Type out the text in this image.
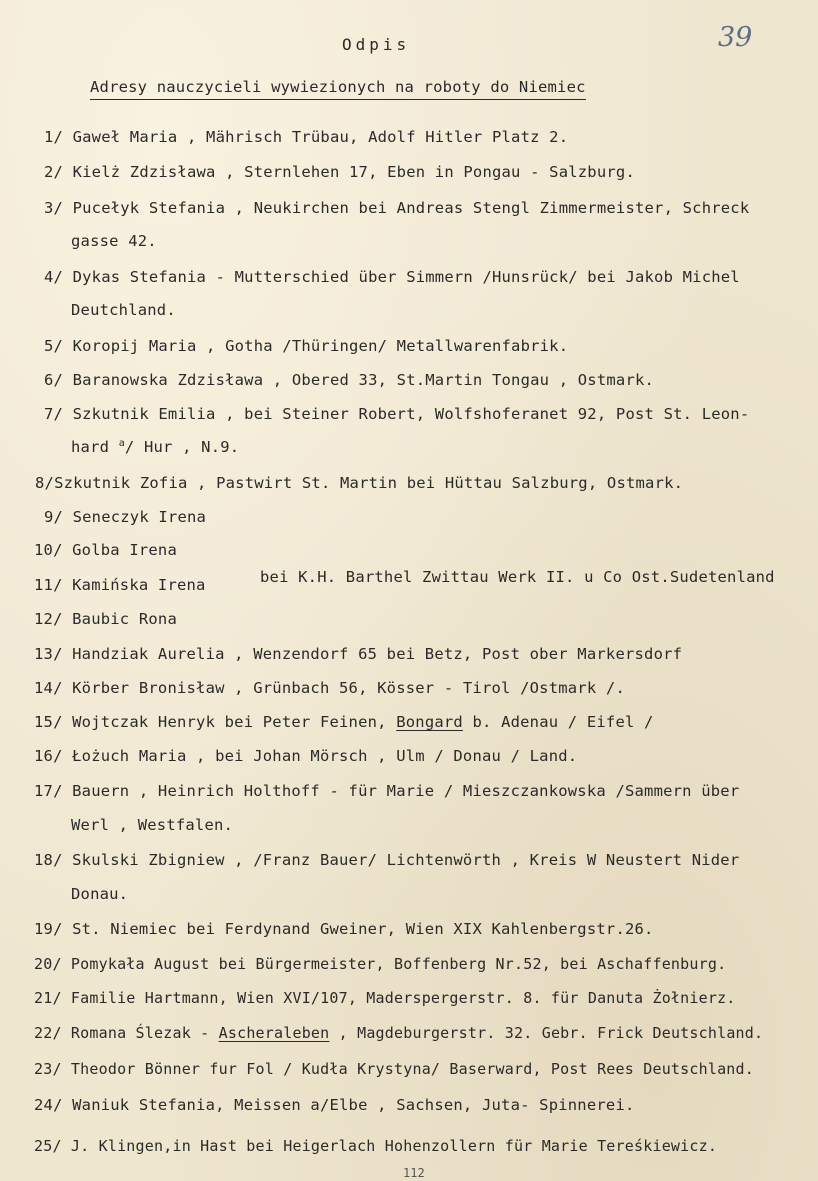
39
Odpis
Adresy nauczycieli wywiezionych na roboty do Niemiec
1/ Gaweł Maria , Mährisch Trübau, Adolf Hitler Platz 2.
2/ Kielż Zdzisława , Sternlehen 17, Eben in Pongau - Salzburg.
3/ Pucełyk Stefania , Neukirchen bei Andreas Stengl Zimmermeister, Schreck
gasse 42.
4/ Dykas Stefania - Mutterschied über Simmern /Hunsrück/ bei Jakob Michel
Deutchland.
5/ Koropij Maria , Gotha /Thüringen/ Metallwarenfabrik.
6/ Baranowska Zdzisława , Obered 33, St.Martin Tongau , Ostmark.
7/ Szkutnik Emilia , bei Steiner Robert, Wolfshoferanet 92, Post St. Leon-
hard $^a$/ Hur , N.9.
8/Szkutnik Zofia , Pastwirt St. Martin bei Hüttau Salzburg, Ostmark.
9/ Seneczyk Irena
10/ Golba Irena
11/ Kamińska Irena	bei K.H. Barthel Zwittau Werk II. u Co Ost.Sudetenland
12/ Baubic Rona
13/ Handziak Aurelia , Wenzendorf 65 bei Betz, Post ober Markersdorf
14/ Körber Bronisław , Grünbach 56, Kösser - Tirol /Ostmark /.
15/ Wojtczak Henryk bei Peter Feinen, Bongard b. Adenau / Eifel /
16/ Łożuch Maria , bei Johan Mörsch , Ulm / Donau / Land.
17/ Bauern , Heinrich Holthoff - für Marie / Mieszczankowska /Sammern über
Werl , Westfalen.
18/ Skulski Zbigniew , /Franz Bauer/ Lichtenwörth , Kreis W Neustert Nider
Donau.
19/ St. Niemiec bei Ferdynand Gweiner, Wien XIX Kahlenbergstr.26.
20/ Pomykała August bei Bürgermeister, Boffenberg Nr.52, bei Aschaffenburg.
21/ Familie Hartmann, Wien XVI/107, Maderspergerstr. 8. für Danuta Żołnierz.
22/ Romana Ślezak - Ascheraleben , Magdeburgerstr. 32. Gebr. Frick Deutschland.
23/ Theodor Bönner fur Fol / Kudła Krystyna/ Baserward, Post Rees Deutschland.
24/ Waniuk Stefania, Meissen a/Elbe , Sachsen, Juta- Spinnerei.
25/ J. Klingen,in Hast bei Heigerlach Hohenzollern für Marie Tereśkiewicz.
112
